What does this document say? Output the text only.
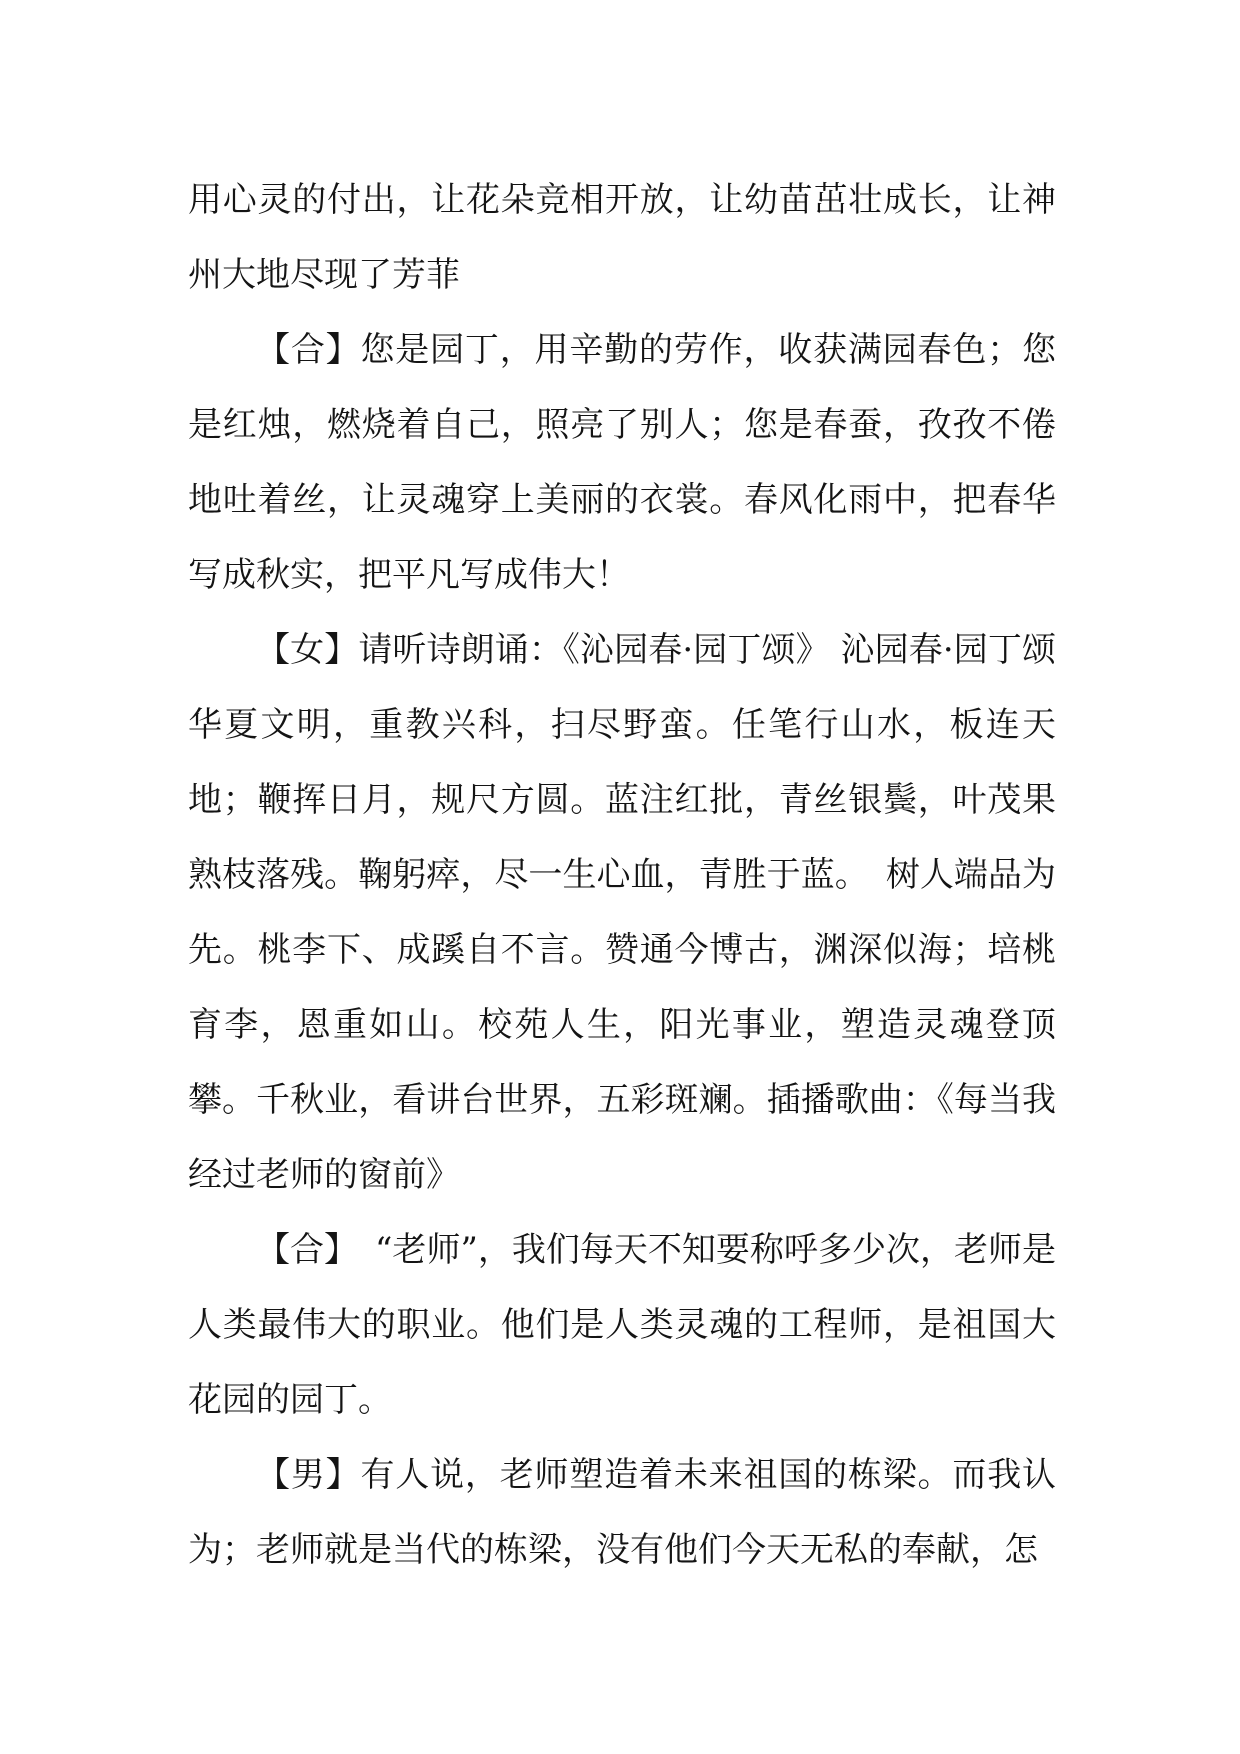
用心灵的付出，让花朵竞相开放，让幼苗茁壮成长，让神州大地尽现了芳菲

【合】您是园丁，用辛勤的劳作，收获满园春色；您是红烛，燃烧着自己，照亮了别人；您是春蚕，孜孜不倦地吐着丝，让灵魂穿上美丽的衣裳。春风化雨中，把春华写成秋实，把平凡写成伟大！

【女】请听诗朗诵：《沁园春·园丁颂》 沁园春·园丁颂　华夏文明，重教兴科，扫尽野蛮。任笔行山水，板连天地；鞭挥日月，规尺方圆。蓝注红批，青丝银鬓，叶茂果熟枝落残。鞠躬瘁，尽一生心血，青胜于蓝。　树人端品为先。桃李下、成蹊自不言。赞通今博古，渊深似海；培桃育李，恩重如山。校苑人生，阳光事业，塑造灵魂登顶攀。千秋业，看讲台世界，五彩斑斓。插播歌曲：《每当我经过老师的窗前》

【合】　“老师”，我们每天不知要称呼多少次，老师是人类最伟大的职业。他们是人类灵魂的工程师，是祖国大花园的园丁。

【男】有人说，老师塑造着未来祖国的栋梁。而我认为；老师就是当代的栋梁，没有他们今天无私的奉献，怎
